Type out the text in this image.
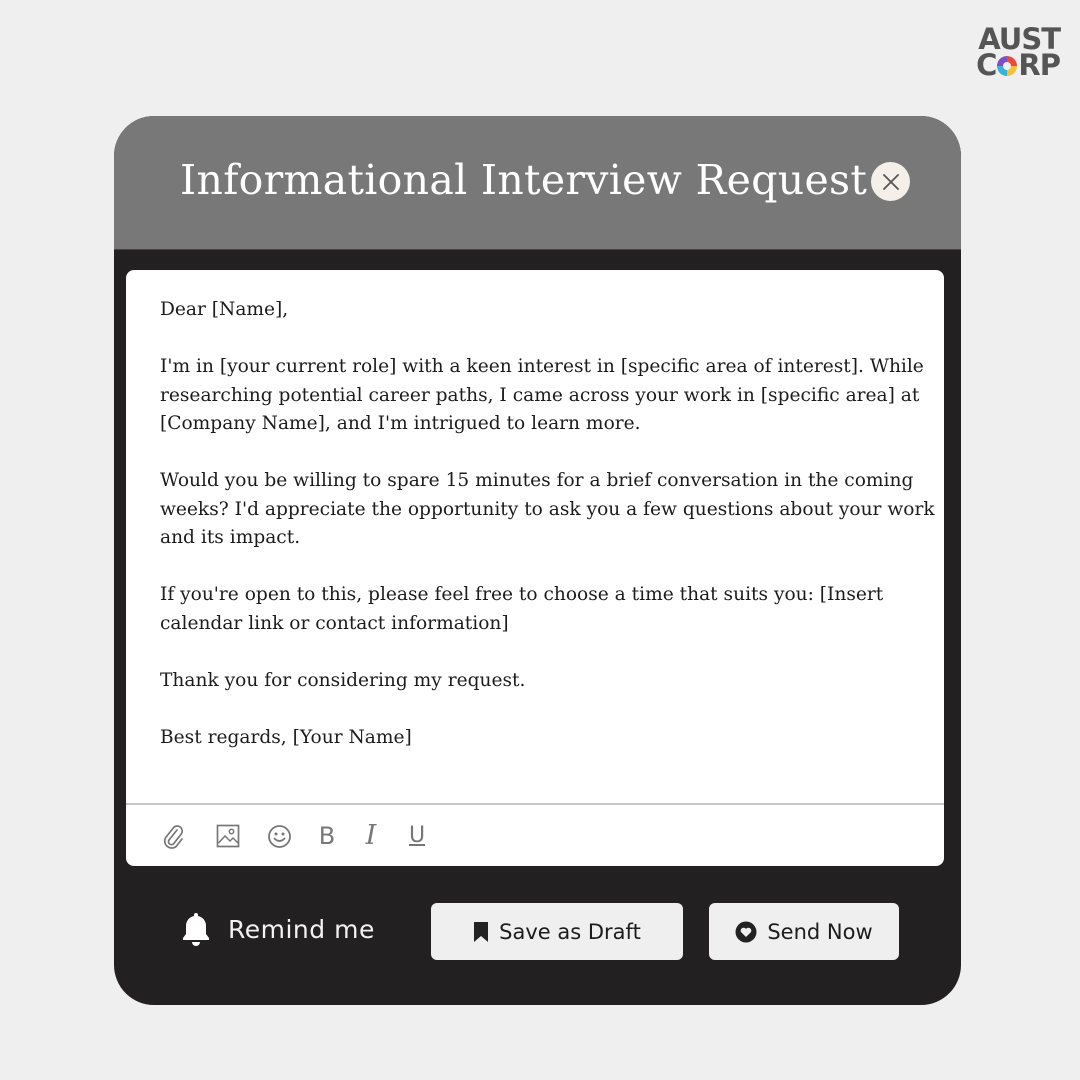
AUST
C RP
Informational Interview Request

Dear [Name],

I'm in [your current role] with a keen interest in [specific area of interest]. While researching potential career paths, I came across your work in [specific area] at [Company Name], and I'm intrigued to learn more.

Would you be willing to spare 15 minutes for a brief conversation in the coming weeks? I'd appreciate the opportunity to ask you a few questions about your work and its impact.

If you're open to this, please feel free to choose a time that suits you: [Insert calendar link or contact information]

Thank you for considering my request.

Best regards, [Your Name]

B I U
Remind me	Save as Draft	Send Now
